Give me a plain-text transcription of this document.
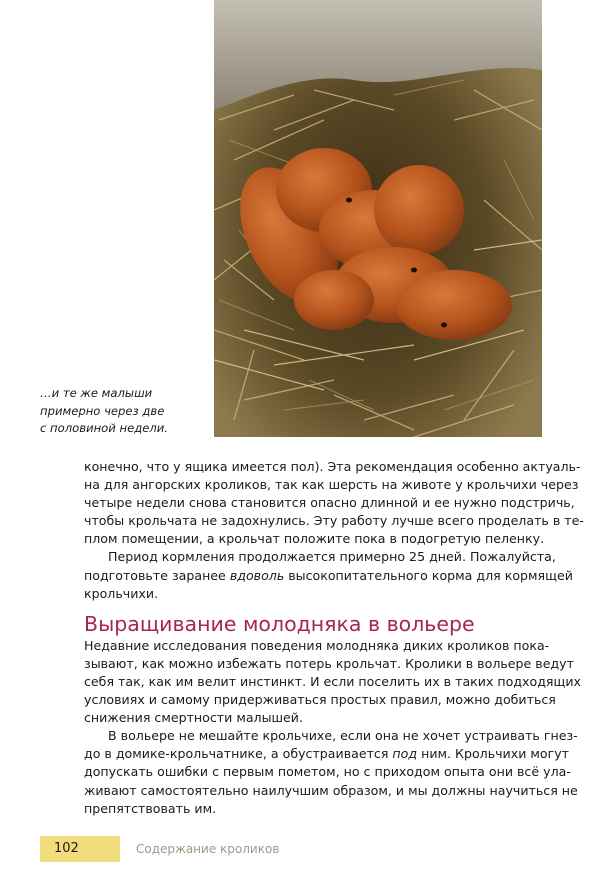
…и те же малыши
примерно через две
с половиной недели.

конечно, что у ящика имеется пол). Эта рекомендация особенно актуаль-
на для ангорских кроликов, так как шерсть на животе у крольчихи через
четыре недели снова становится опасно длинной и ее нужно подстричь,
чтобы крольчата не задохнулись. Эту работу лучше всего проделать в те-
плом помещении, а крольчат положите пока в подогретую пеленку.

Период кормления продолжается примерно 25 дней. Пожалуйста,
подготовьте заранее вдоволь высокопитательного корма для кормящей
крольчихи.

Выращивание молодняка в вольере

Недавние исследования поведения молодняка диких кроликов пока-
зывают, как можно избежать потерь крольчат. Кролики в вольере ведут
себя так, как им велит инстинкт. И если поселить их в таких подходящих
условиях и самому придерживаться простых правил, можно добиться
снижения смертности малышей.

В вольере не мешайте крольчихе, если она не хочет устраивать гнез-
до в домике-крольчатнике, а обустраивается под ним. Крольчихи могут
допускать ошибки с первым пометом, но с приходом опыта они всё ула-
живают самостоятельно наилучшим образом, и мы должны научиться не
препятствовать им.

102	Содержание кроликов
